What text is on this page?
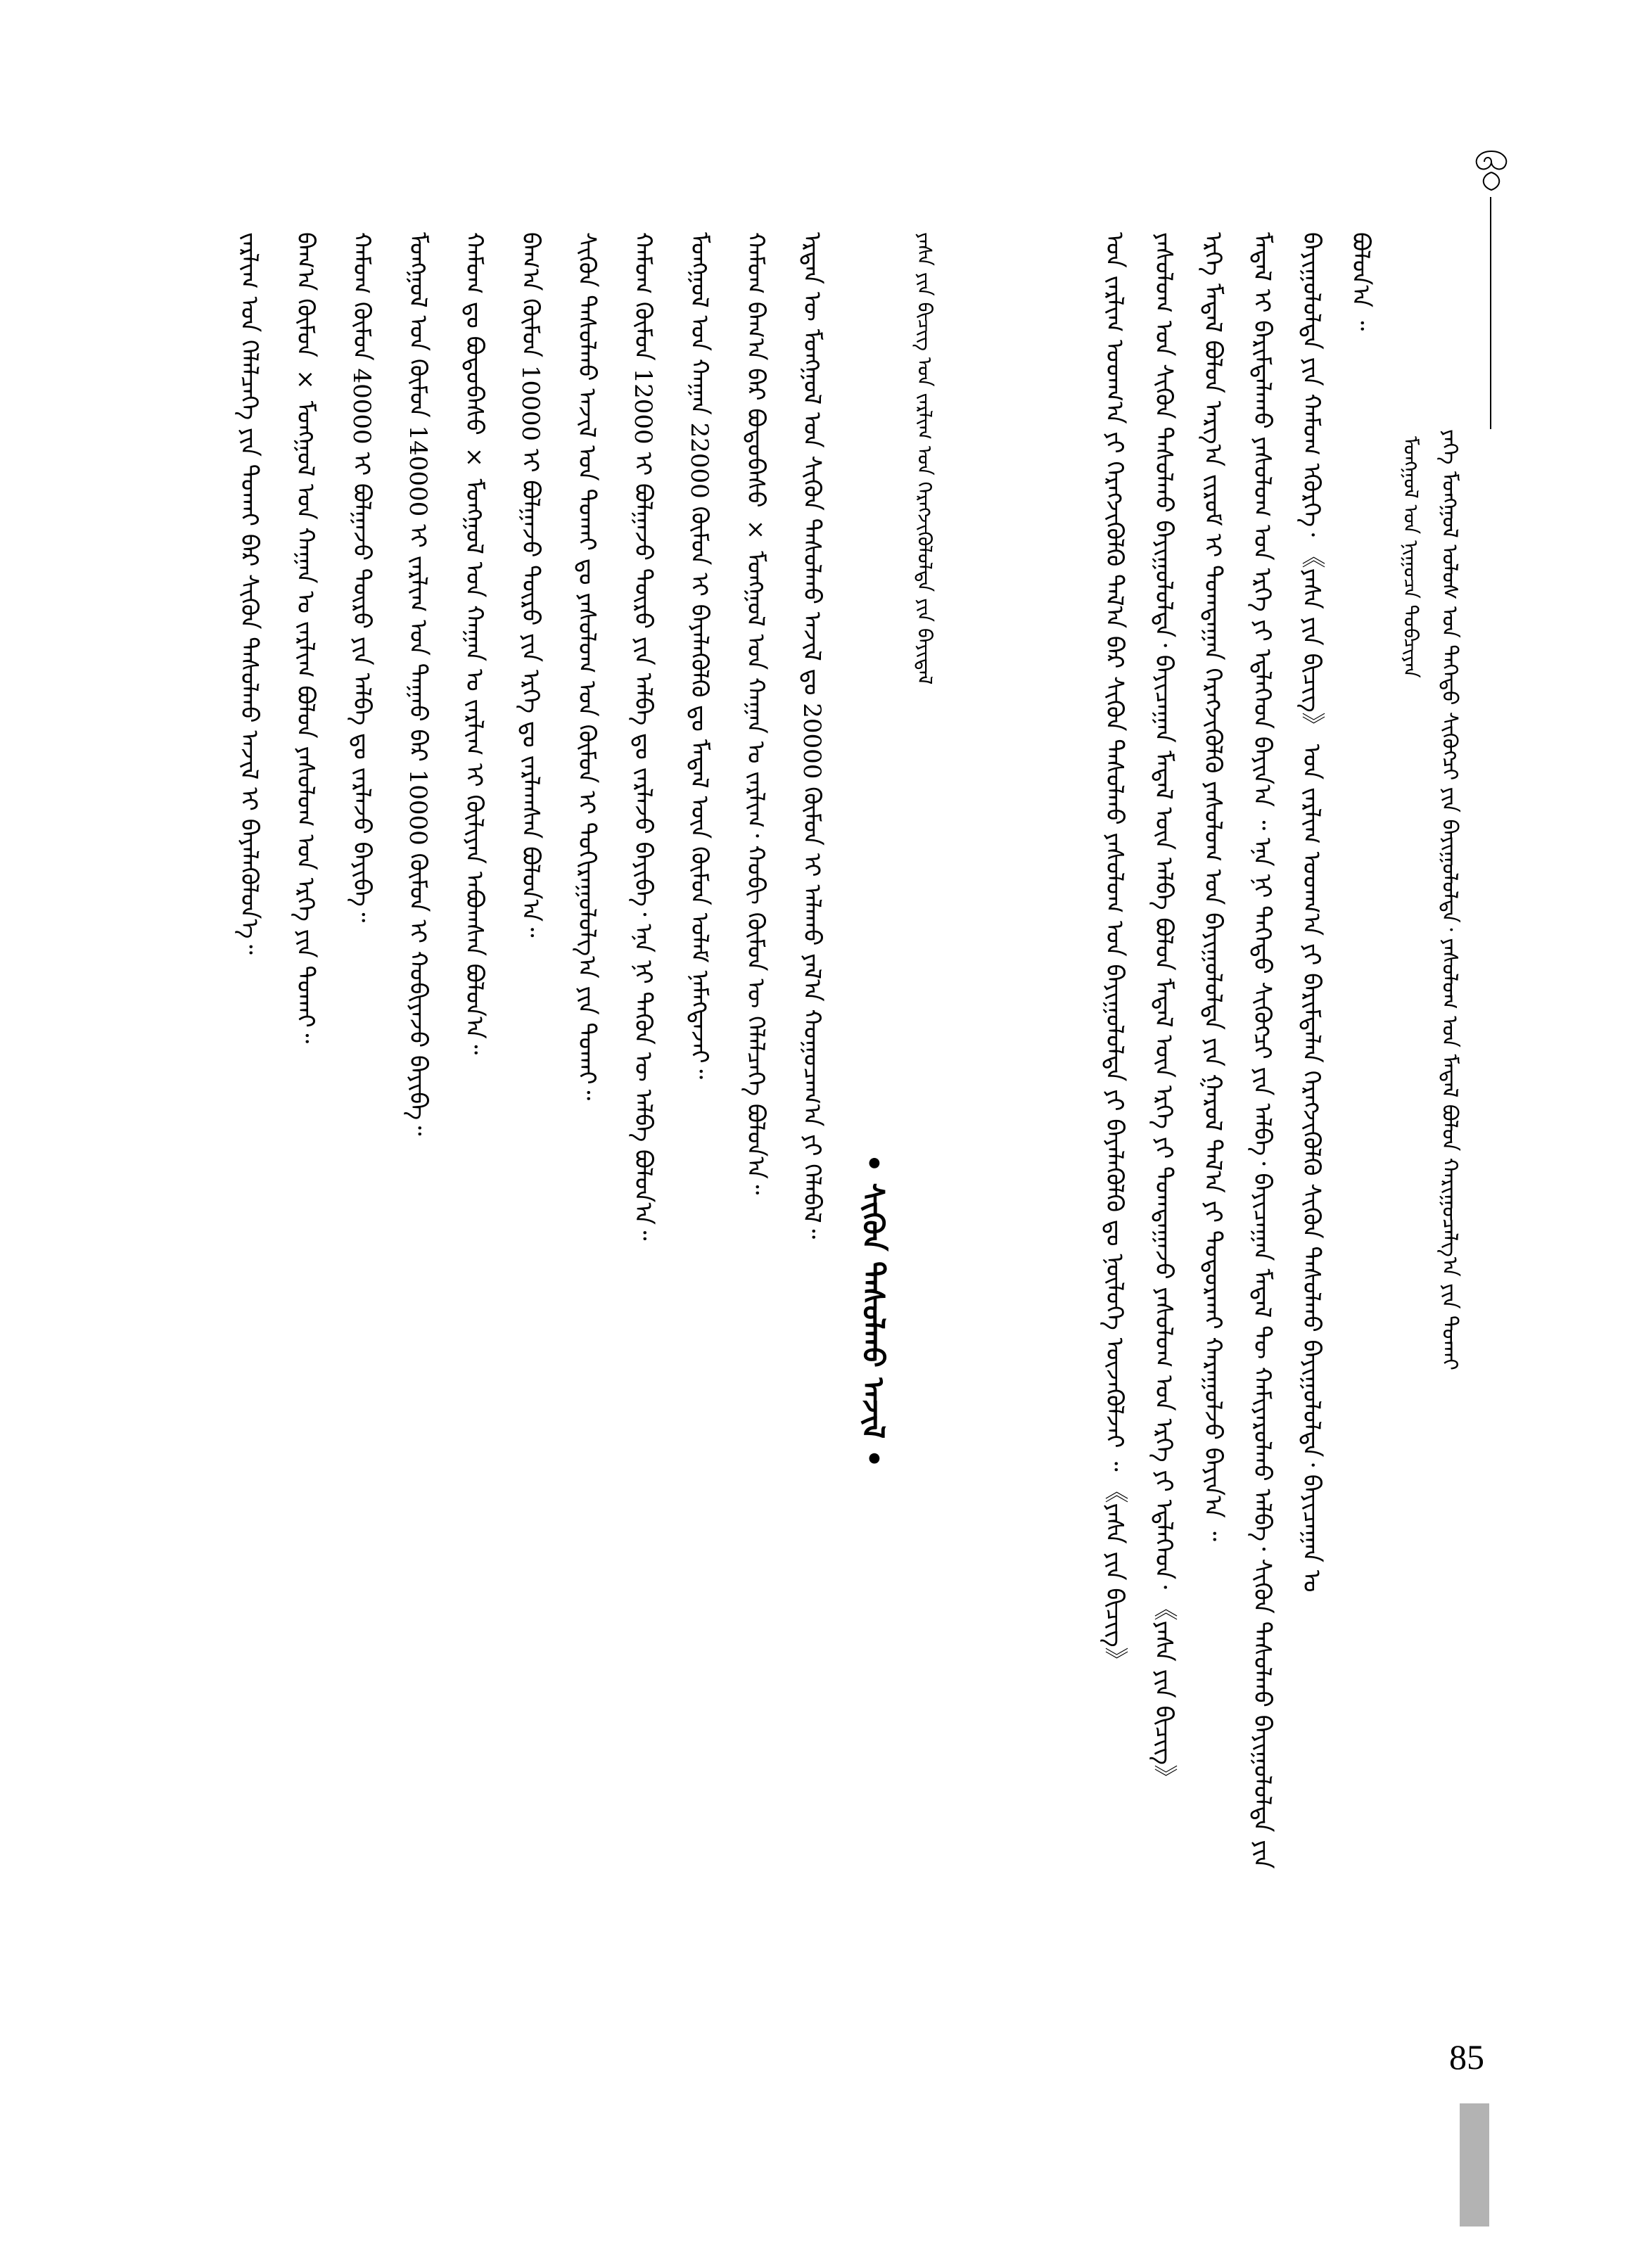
ᠶᠡᠬᠡ ᠮᠣᠩᠭᠣᠯ ᠤᠯᠤᠰ ᠤᠨ ᠳᠡᠭᠡᠳᠦ ᠰᠢᠭᠦᠭᠴᠢ ᠶᠢᠨ ᠪᠠᠶᠢᠭᠤᠯᠤᠯᠲᠠ᠂ ᠶᠠᠰᠤᠯᠤᠭ ᠤᠨ ᠮᠡᠳᠡᠯ ᠪᠣᠯᠤᠨ ᠬᠠᠷᠢᠭᠤᠴᠠᠯᠭ᠎ᠠ ᠶᠢᠨ ᠲᠤᠬᠠᠢ
ᠮᠣᠩᠭᠣᠯ ᠤᠨ ᠨᠢᠭᠤᠴᠠ ᠲᠣᠪᠴᠢᠶᠠᠨ
ᠪᠣᠯᠤᠨ᠎ᠠ ᠃
ᠪᠠᠶᠢᠭᠤᠯᠤᠯᠲᠠ ᠶᠢᠨ ᠬᠠᠮᠤᠭ ᠡᠭᠦᠷᠭᠡ᠂ 《ᠶᠠᠰᠠ ᠶᠢᠨ ᠪᠢᠴᠢᠭ》 ᠤᠨ ᠵᠠᠷᠯᠢᠭ ᠤᠳᠬ᠎ᠠ ᠶᠢ ᠪᠠᠷᠢᠮᠲᠠᠯᠠᠨ ᠬᠡᠷᠡᠭᠵᠢᠭᠦᠯᠬᠦ ᠰᠢᠭᠦᠨ ᠲᠠᠰᠤᠯᠬᠤ ᠪᠠᠶᠢᠭᠤᠯᠤᠯᠲᠠ᠂ ᠪᠠᠶᠢᠴᠠᠭᠠᠨ ᠤ
ᠮᠡᠳᠡᠯ ᠢ ᠪᠠᠷᠢᠮᠲᠠᠯᠠᠬᠤ ᠶᠠᠰᠤᠯᠤᠭ ᠤᠨ ᠡᠷᠬᠡ ᠶᠢ ᠡᠳ᠋ᠯᠡᠭᠡᠳ ᠪᠠᠶᠢᠨ᠎ᠠ ᠃ ᠡᠨᠡ ᠨᠢ ᠳᠡᠭᠡᠳᠦ ᠰᠢᠭᠦᠭᠴᠢ ᠶᠢᠨ ᠠᠯᠪᠠ᠂ ᠪᠠᠶᠢᠴᠠᠭᠠᠨ ᠮᠡᠳᠡᠯ ᠲᠦ ᠬᠠᠮᠢᠶᠠᠷᠤᠯᠬᠤ ᠠᠯᠪᠠ᠂ ᠰᠢᠭᠦᠨ ᠲᠠᠰᠤᠯᠬᠤ ᠪᠠᠶᠢᠭᠤᠯᠤᠯᠲᠠ ᠶᠢᠨ
ᠡᠷᠬᠡ ᠮᠡᠳᠡᠯ ᠪᠣᠯᠤᠨ ᠠᠷᠭ᠎ᠠ ᠵᠢᠷᠤᠮ ᠢ ᠲᠣᠭᠲᠠᠭᠠᠨ ᠬᠡᠷᠡᠭᠵᠢᠭᠦᠯᠬᠦ ᠶᠠᠰᠤᠯᠤᠭ ᠤᠨ ᠪᠠᠶᠢᠭᠤᠯᠤᠯᠲᠠ ᠶᠢᠨ ᠭᠠᠷᠤᠯ ᠲᠠᠯ᠎ᠠ ᠶᠢ ᠲᠣᠳᠣᠷᠬᠠᠢ ᠬᠠᠷᠠᠭᠤᠯᠵᠤ ᠪᠠᠶᠢᠨ᠎ᠠ ᠃
ᠶᠠᠰᠤᠯᠤᠭ ᠤᠨ ᠰᠢᠭᠦᠨ ᠲᠠᠰᠤᠯᠬᠤ ᠪᠠᠶᠢᠭᠤᠯᠤᠯᠲᠠ᠂ ᠪᠠᠶᠢᠴᠠᠭᠠᠨ ᠮᠡᠳᠡᠯ ᠦᠨ ᠠᠯᠪᠠ ᠪᠣᠯᠤᠨ ᠮᠡᠳᠡᠯ ᠦᠨ ᠡᠷᠬᠡ ᠶᠢ ᠲᠣᠭᠲᠠᠭᠠᠵᠤ ᠶᠠᠰᠤᠯᠤᠭ ᠤᠨ ᠡᠷᠬᠡ ᠶᠢ ᠡᠳ᠋ᠯᠡᠭᠡᠳ᠂ 《ᠶᠠᠰᠠ ᠶᠢᠨ ᠪᠢᠴᠢᠭ》
ᠤᠨ ᠵᠠᠷᠯᠢᠭ ᠤᠳᠬ᠎ᠠ ᠶᠢ ᠬᠡᠷᠡᠭᠵᠢᠭᠦᠯᠬᠦ ᠲᠠᠯ᠎ᠠ ᠪᠠᠷ ᠰᠢᠭᠦᠨ ᠲᠠᠰᠤᠯᠬᠤ ᠶᠠᠰᠤᠯᠤᠭ ᠤᠨ ᠪᠠᠶᠢᠭᠤᠯᠤᠯᠲᠠ ᠶᠢ ᠪᠡᠶᠡᠯᠡᠭᠦᠯᠬᠦ ᠳᠤ ᠨᠦᠯᠦᠭᠡ ᠦᠵᠡᠭᠦᠯᠵᠡᠢ ᠃ 《ᠶᠠᠰᠠ ᠶᠢᠨ ᠪᠢᠴᠢᠭ》
ᠶᠠᠰᠠ ᠶᠢᠨ ᠪᠢᠴᠢᠭ ᠤᠨ ᠵᠠᠷᠯᠢᠭ ᠤᠨ ᠬᠡᠷᠡᠭᠵᠢᠭᠦᠯᠦᠯᠲᠡ ᠶᠢᠨ ᠪᠠᠶᠢᠳᠠᠯ
• ᠰᠢᠭᠦᠨ ᠲᠠᠰᠤᠯᠬᠤ ᠠᠵᠢᠯ •
ᠡᠷᠲᠡᠨ ᠦ ᠮᠣᠩᠭᠣᠯ ᠤᠨ ᠰᠢᠭᠦᠨ ᠲᠠᠰᠤᠯᠬᠤ ᠠᠵᠢᠯ ᠳᠤ 20000 ᠬᠦᠮᠦᠨ ᠢ ᠠᠯᠠᠬᠤ ᠶᠠᠯ᠎ᠠ ᠬᠤᠭᠤᠴᠠᠭ᠎ᠠ ᠶᠢ ᠬᠡᠯᠡᠪᠡᠯ᠃
ᠬᠠᠮᠤᠭ ᠪᠠᠭ᠎ᠠ ᠪᠠᠷ ᠪᠣᠳᠣᠪᠠᠰᠤ × ᠮᠣᠩᠭᠣᠯ ᠤᠨ ᠬᠠᠭᠠᠨ ᠤ ᠵᠠᠷᠯᠢᠭ᠂ ᠬᠤᠪᠢ ᠬᠦᠮᠦᠨ ᠦ ᠬᠡᠯᠡᠯᠴᠡᠭᠡ ᠪᠣᠯᠤᠨ᠎ᠠ᠃
ᠮᠣᠩᠭᠣᠯ ᠤᠨ ᠬᠠᠭᠠᠨ 22000 ᠬᠦᠮᠦᠨ ᠢ ᠪᠡᠶᠡᠯᠡᠭᠦᠯᠬᠦ ᠳᠤ ᠮᠡᠳᠡᠯ ᠦᠨ ᠬᠦᠮᠦᠨ ᠤᠯᠠᠮ ᠨᠡᠮᠡᠭᠳᠡᠵᠡᠢ᠃
ᠬᠠᠮᠤᠭ ᠬᠦᠮᠦᠨ 12000 ᠢ ᠪᠣᠯᠭᠠᠵᠤ ᠲᠦᠷᠦ ᠶᠢᠨ ᠠᠯᠪᠠ ᠳᠤ ᠵᠠᠷᠯᠠᠵᠤ ᠪᠠᠶᠢᠪᠠ᠂ ᠡᠨᠡ ᠨᠢ ᠲᠡᠭᠦᠨ ᠦ ᠠᠯᠪᠠ ᠪᠣᠯᠤᠨ᠎ᠠ᠃
ᠰᠢᠭᠦᠨ ᠲᠠᠰᠤᠯᠬᠤ ᠠᠵᠢᠯ ᠤᠨ ᠲᠤᠬᠠᠢ ᠳᠤ ᠶᠠᠰᠤᠯᠤᠭ ᠤᠨ ᠬᠦᠮᠦᠨ ᠢ ᠲᠣᠬᠢᠷᠠᠭᠤᠯᠤᠯᠭ᠎ᠠ ᠶᠢᠨ ᠲᠤᠬᠠᠢ᠃
ᠪᠠᠭ᠎ᠠ ᠬᠦᠮᠦᠨ 10000 ᠢ ᠪᠣᠯᠭᠠᠵᠤ ᠲᠦᠷᠦ ᠶᠢᠨ ᠡᠷᠬᠡ ᠳᠤ ᠵᠠᠷᠯᠠᠭᠰᠠᠨ ᠪᠣᠯᠤᠨ᠎ᠠ᠃
ᠬᠠᠮᠤᠭ ᠳᠤ ᠪᠣᠳᠣᠪᠠᠰᠤ × ᠮᠣᠩᠭᠣᠯ ᠤᠨ ᠬᠠᠭᠠᠨ ᠤ ᠵᠠᠷᠯᠢᠭ ᠢ ᠬᠦᠯᠢᠶᠡᠨ ᠠᠪᠤᠭᠰᠠᠨ ᠪᠣᠯᠤᠨ᠎ᠠ᠃
ᠮᠣᠩᠭᠣᠯ ᠤᠨ ᠬᠦᠮᠦᠨ 140000 ᠢ ᠵᠠᠷᠯᠢᠭ ᠤᠨ ᠳᠠᠭᠠᠤ ᠪᠠᠷ 10000 ᠬᠦᠮᠦᠨ ᠢ ᠬᠤᠪᠢᠶᠠᠵᠤ ᠪᠠᠶᠢᠪᠠ᠃
ᠬᠠᠮᠤᠭ ᠬᠦᠮᠦᠨ 40000 ᠢ ᠪᠣᠯᠭᠠᠵᠤ ᠲᠦᠷᠦ ᠶᠢᠨ ᠠᠯᠪᠠ ᠳᠤ ᠵᠠᠷᠯᠠᠵᠤ ᠪᠠᠶᠢᠪᠠ᠃
ᠪᠠᠭ᠎ᠠ ᠬᠦᠮᠦᠨ × ᠮᠣᠩᠭᠣᠯ ᠤᠨ ᠬᠠᠭᠠᠨ ᠤ ᠵᠠᠷᠯᠢᠭ ᠪᠣᠯᠤᠨ ᠶᠠᠰᠤᠯᠤᠭ ᠤᠨ ᠡᠷᠬᠡ ᠶᠢᠨ ᠲᠤᠬᠠᠢ᠃
ᠵᠠᠷᠯᠢᠭ ᠤᠨ ᠬᠡᠯᠡᠯᠴᠡᠭᠡ ᠶᠢᠨ ᠲᠤᠬᠠᠢ ᠪᠠᠷ ᠰᠢᠭᠦᠨ ᠲᠠᠰᠤᠯᠬᠤ ᠠᠵᠢᠯ ᠢ ᠪᠡᠶᠡᠯᠡᠭᠦᠯᠦᠨ᠎ᠡ᠃
85
